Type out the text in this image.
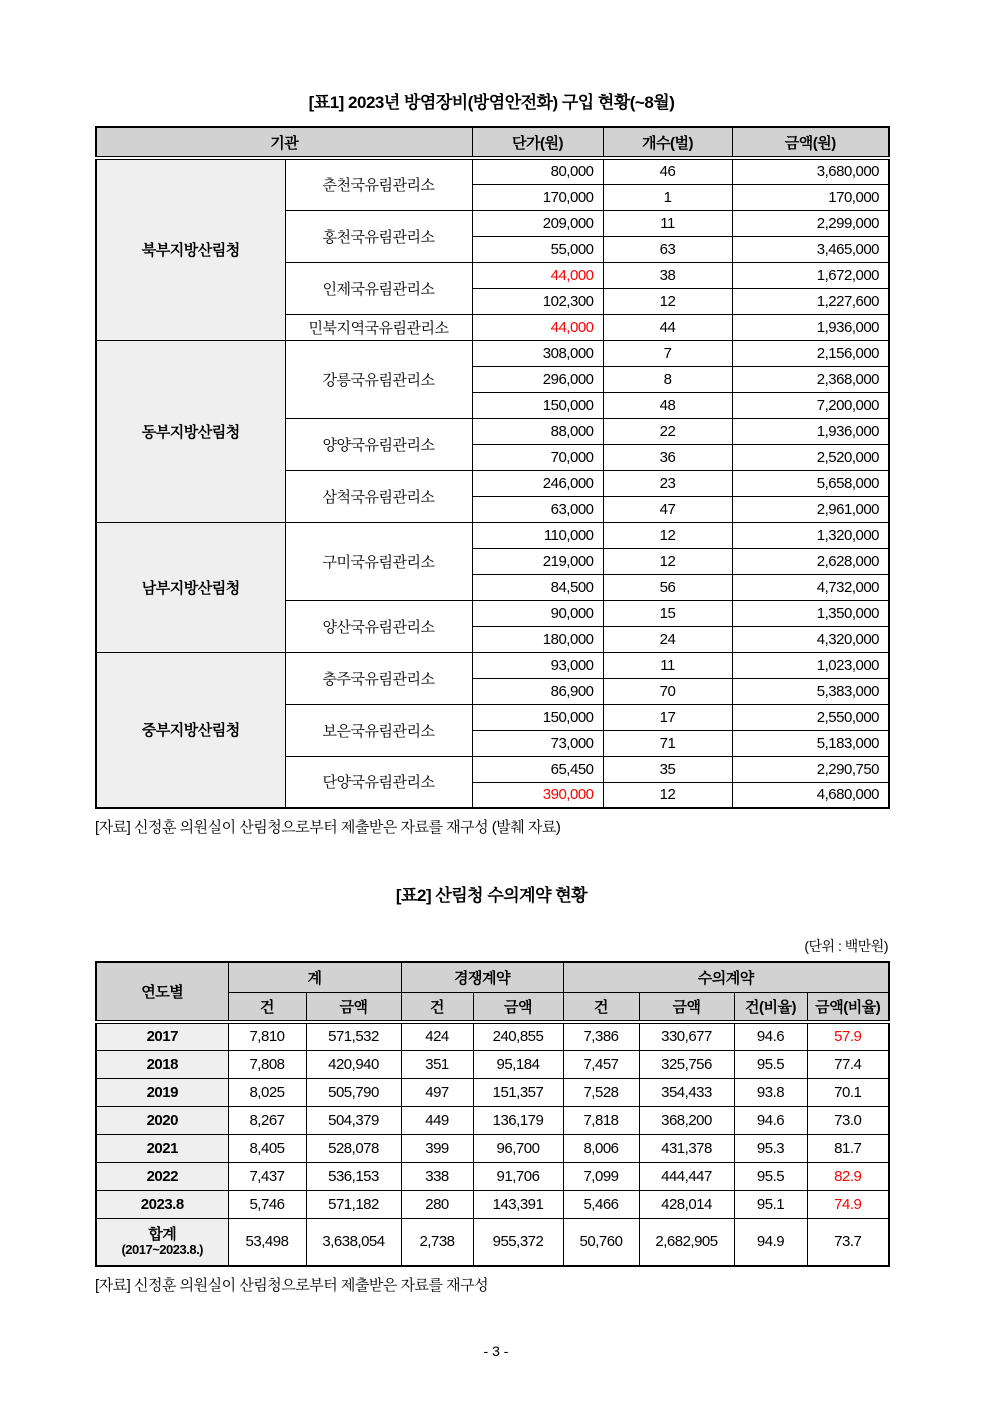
[표1] 2023년 방염장비(방염안전화) 구입 현황(~8월)
기관		단가(원)	개수(벌)	금액(원)
북부지방산림청	춘천국유림관리소	80,000	46	3,680,000
		170,000	1	170,000
	홍천국유림관리소	209,000	11	2,299,000
		55,000	63	3,465,000
	인제국유림관리소	44,000	38	1,672,000
		102,300	12	1,227,600
	민북지역국유림관리소	44,000	44	1,936,000
동부지방산림청	강릉국유림관리소	308,000	7	2,156,000
		296,000	8	2,368,000
		150,000	48	7,200,000
	양양국유림관리소	88,000	22	1,936,000
		70,000	36	2,520,000
	삼척국유림관리소	246,000	23	5,658,000
		63,000	47	2,961,000
남부지방산림청	구미국유림관리소	110,000	12	1,320,000
		219,000	12	2,628,000
		84,500	56	4,732,000
	양산국유림관리소	90,000	15	1,350,000
		180,000	24	4,320,000
중부지방산림청	충주국유림관리소	93,000	11	1,023,000
		86,900	70	5,383,000
	보은국유림관리소	150,000	17	2,550,000
		73,000	71	5,183,000
	단양국유림관리소	65,450	35	2,290,750
		390,000	12	4,680,000
[자료] 신정훈 의원실이 산림청으로부터 제출받은 자료를 재구성 (발췌 자료)
[표2] 산림청 수의계약 현황
(단위 : 백만원)
연도별	계		경쟁계약		수의계약			
	건	금액	건	금액	건	금액	건(비율)	금액(비율)
2017	7,810	571,532	424	240,855	7,386	330,677	94.6	57.9
2018	7,808	420,940	351	95,184	7,457	325,756	95.5	77.4
2019	8,025	505,790	497	151,357	7,528	354,433	93.8	70.1
2020	8,267	504,379	449	136,179	7,818	368,200	94.6	73.0
2021	8,405	528,078	399	96,700	8,006	431,378	95.3	81.7
2022	7,437	536,153	338	91,706	7,099	444,447	95.5	82.9
2023.8	5,746	571,182	280	143,391	5,466	428,014	95.1	74.9

합계
(2017~2023.8.)	53,498	3,638,054	2,738	955,372	50,760	2,682,905	94.9	73.7
[자료] 신정훈 의원실이 산림청으로부터 제출받은 자료를 재구성
- 3 -
